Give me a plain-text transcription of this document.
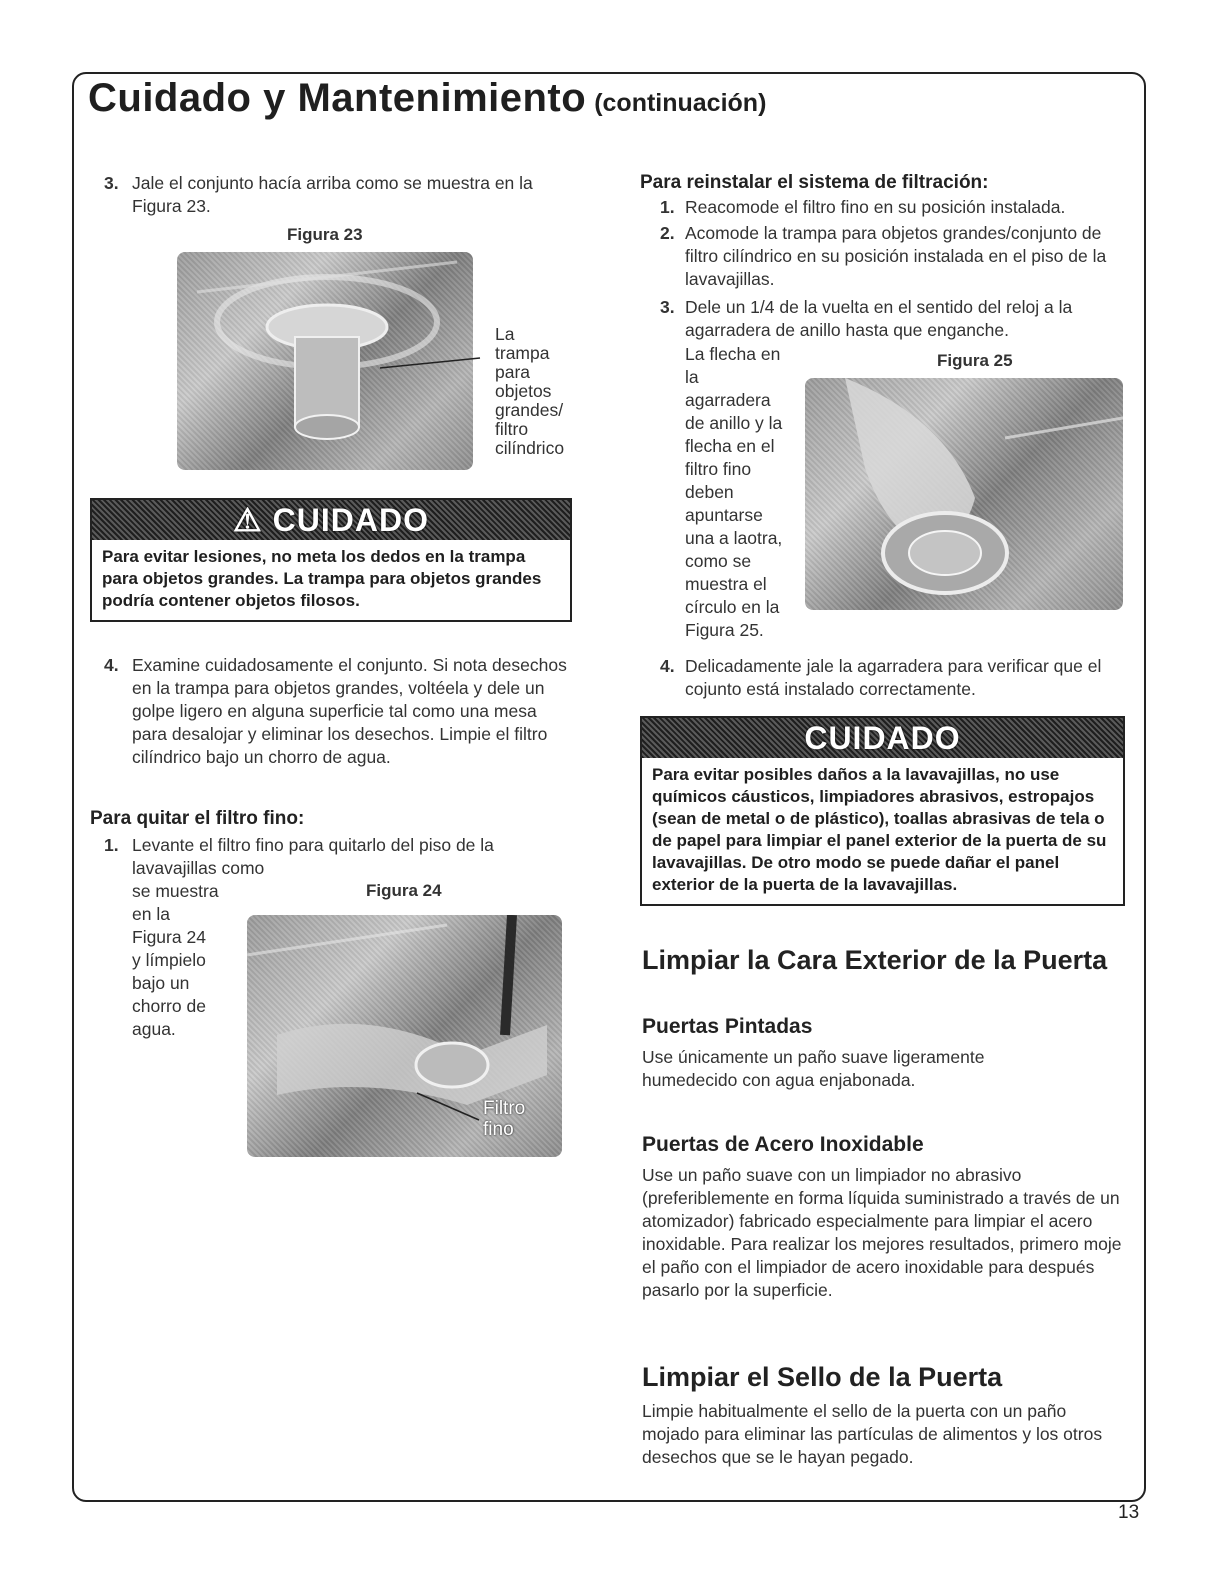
Cuidado y Mantenimiento (continuación)
3. Jale el conjunto hacía arriba como se muestra en la Figura 23.
Figura 23
La
trampa
para
objetos
grandes/
filtro
cilíndrico
⚠ CUIDADO
Para evitar lesiones, no meta los dedos en la trampa para objetos grandes. La trampa para objetos grandes podría contener objetos filosos.
4. Examine cuidadosamente el conjunto. Si nota desechos en la trampa para objetos grandes, voltéela y dele un golpe ligero en alguna superficie tal como una mesa para desalojar y eliminar los desechos. Limpie el filtro cilíndrico bajo un chorro de agua.
Para quitar el filtro fino:
1. Levante el filtro fino para quitarlo del piso de la
lavavajillas como
se muestra
en la
Figura 24
y límpielo
bajo un
chorro de
agua.
Figura 24
Filtro
fino
Para reinstalar el sistema de filtración:
1. Reacomode el filtro fino en su posición instalada.
2. Acomode la trampa para objetos grandes/conjunto de filtro cilíndrico en su posición instalada en el piso de la lavavajillas.
3. Dele un 1/4 de la vuelta en el sentido del reloj a la agarradera de anillo hasta que enganche.
La flecha en
la
agarradera
de anillo y la
flecha en el
filtro fino
deben
apuntarse
una a laotra,
como se
muestra el
círculo en la
Figura 25.
Figura 25
4. Delicadamente jale la agarradera para verificar que el cojunto está instalado correctamente.
CUIDADO
Para evitar posibles daños a la lavavajillas, no use químicos cáusticos, limpiadores abrasivos, estropajos (sean de metal o de plástico), toallas abrasivas de tela o de papel para limpiar el panel exterior de la puerta de su lavavajillas. De otro modo se puede dañar el panel exterior de la puerta de la lavavajillas.
Limpiar la Cara Exterior de la Puerta
Puertas Pintadas
Use únicamente un paño suave ligeramente humedecido con agua enjabonada.
Puertas de Acero Inoxidable
Use un paño suave con un limpiador no abrasivo (preferiblemente en forma líquida suministrado a través de un atomizador) fabricado especialmente para limpiar el acero inoxidable. Para realizar los mejores resultados, primero moje el paño con el limpiador de acero inoxidable para después pasarlo por la superficie.
Limpiar el Sello de la Puerta
Limpie habitualmente el sello de la puerta con un paño mojado para eliminar las partículas de alimentos y los otros desechos que se le hayan pegado.
13
